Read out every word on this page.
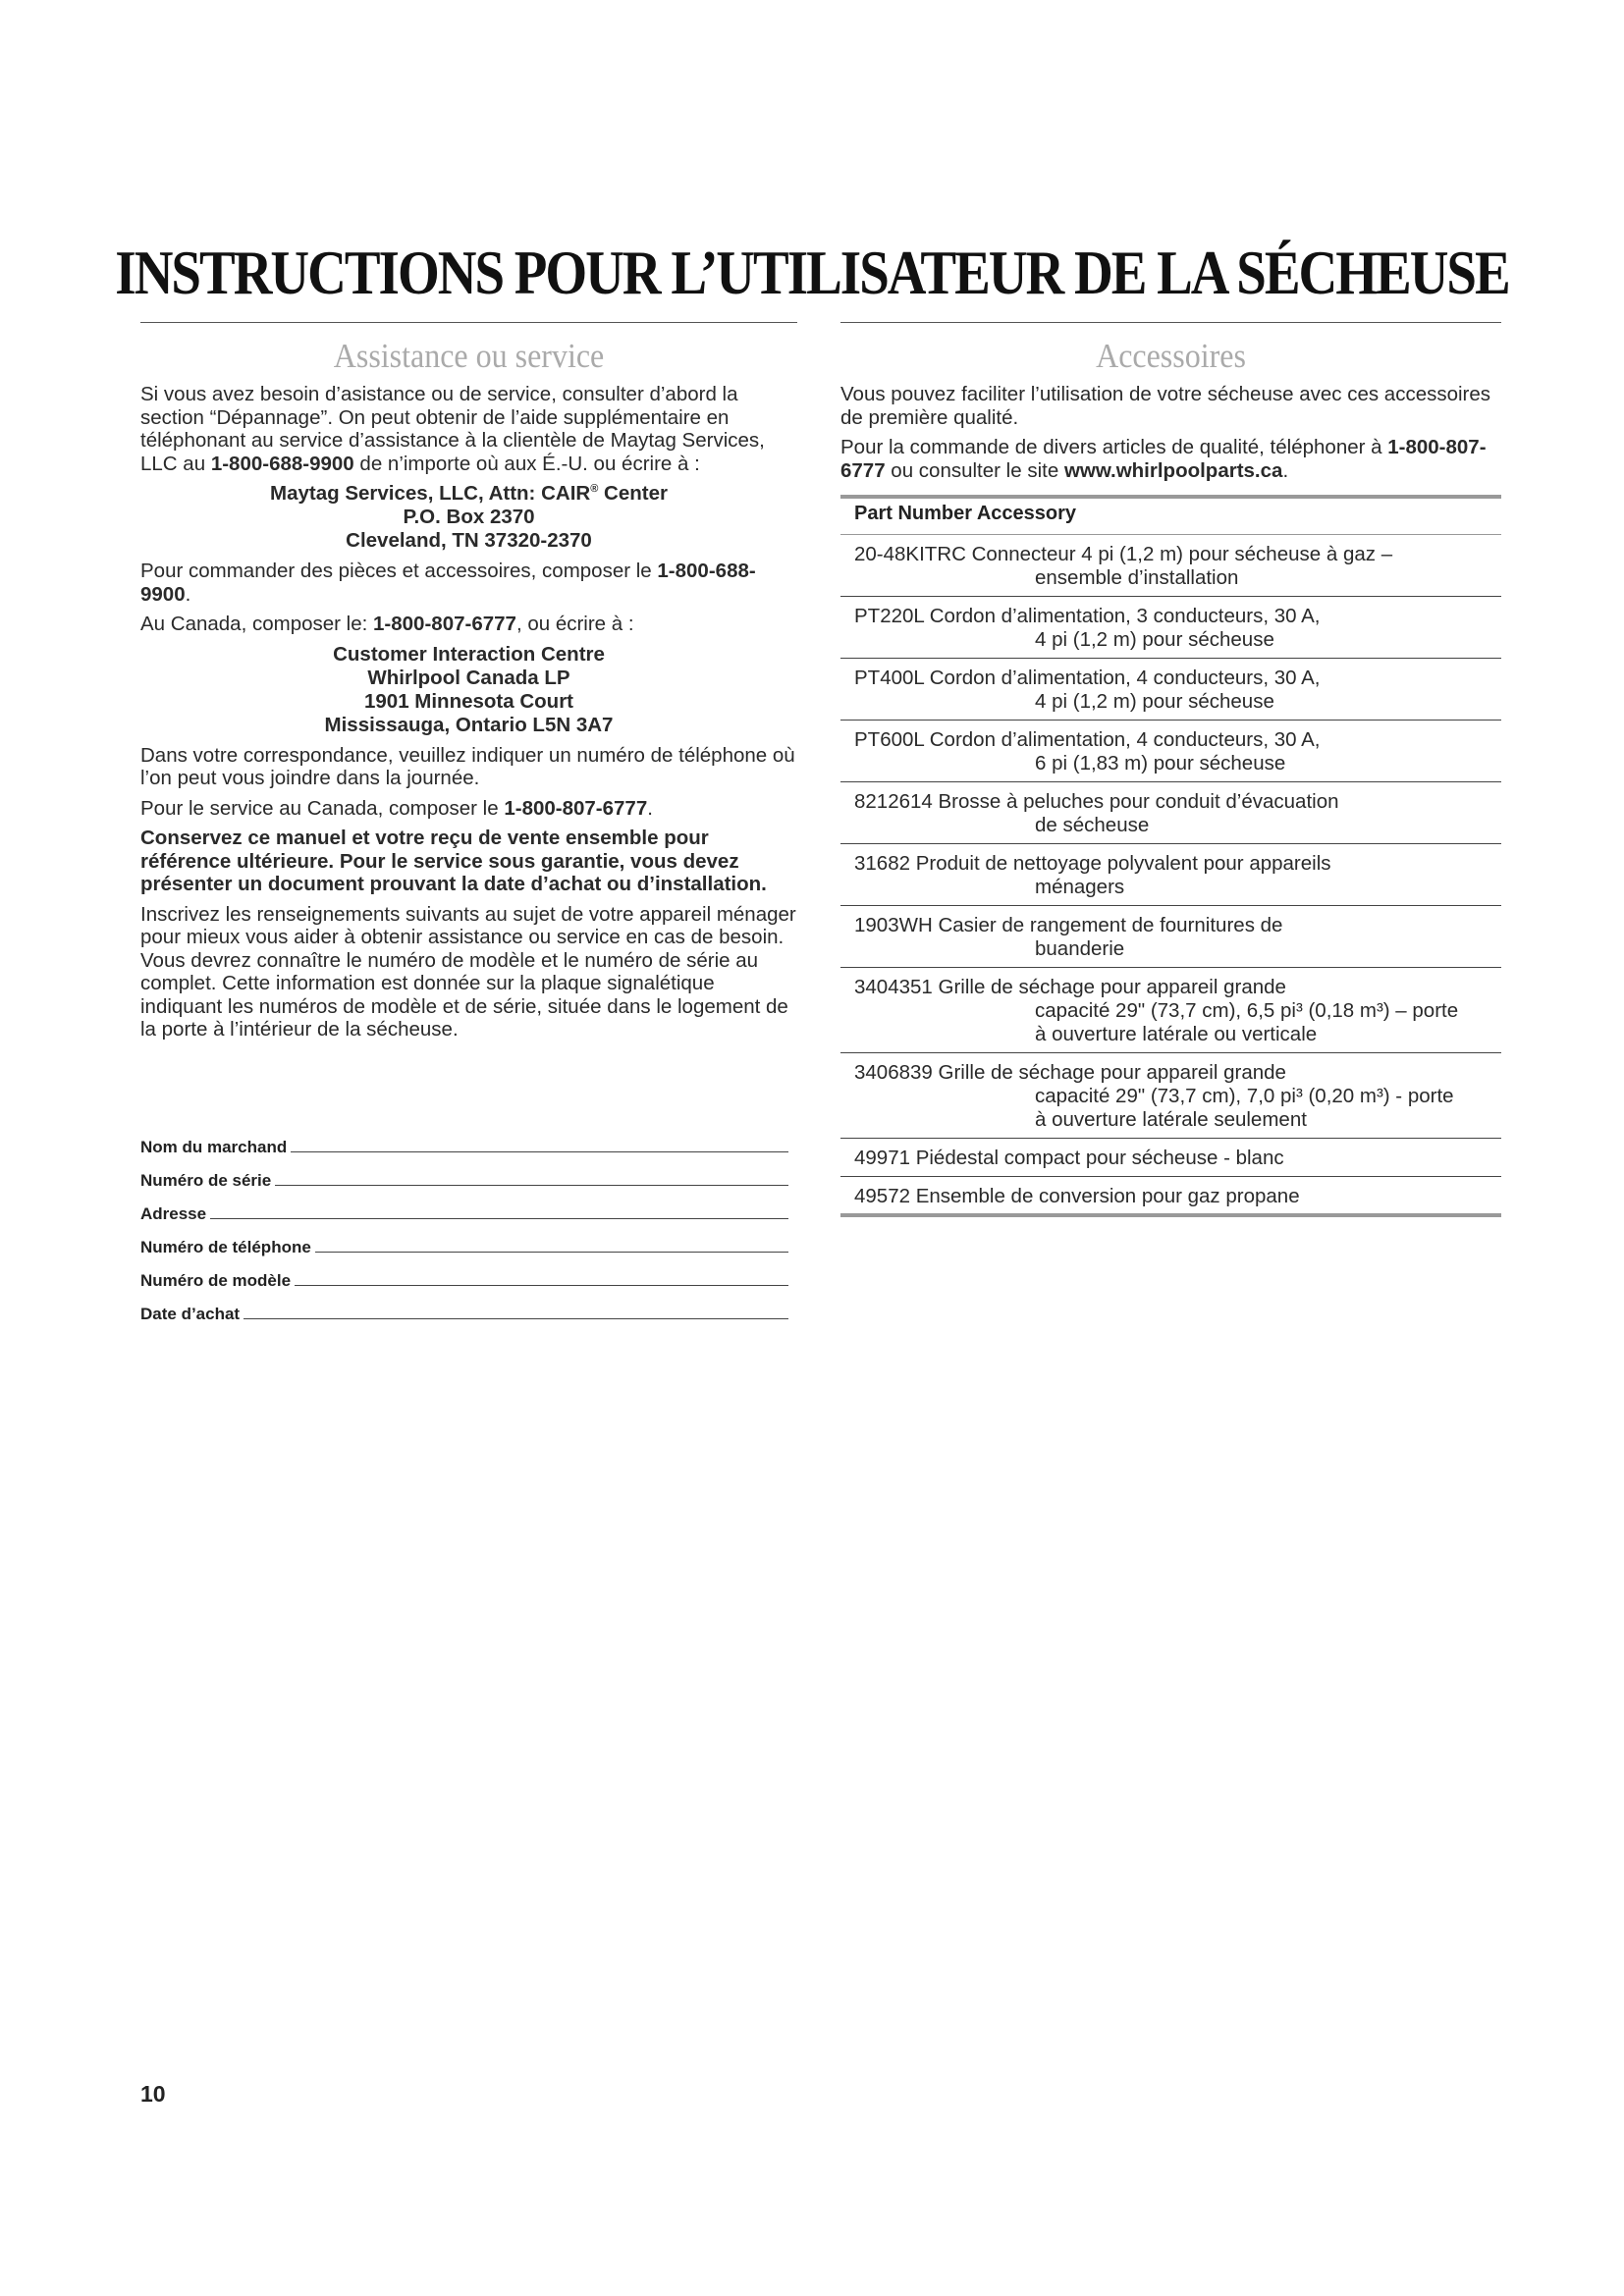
INSTRUCTIONS POUR L’UTILISATEUR DE LA SÉCHEUSE
Assistance ou service

Si vous avez besoin d’asistance ou de service, consulter d’abord la section “Dépannage”. On peut obtenir de l’aide supplémentaire en téléphonant au service d’assistance à la clientèle de Maytag Services, LLC au 1-800-688-9900 de n’importe où aux É.-U. ou écrire à :

Maytag Services, LLC, Attn: CAIR® Center
P.O. Box 2370
Cleveland, TN 37320-2370

Pour commander des pièces et accessoires, composer le 1-800-688-9900.

Au Canada, composer le: 1-800-807-6777, ou écrire à :

Customer Interaction Centre
Whirlpool Canada LP
1901 Minnesota Court
Mississauga, Ontario L5N 3A7

Dans votre correspondance, veuillez indiquer un numéro de téléphone où l’on peut vous joindre dans la journée.

Pour le service au Canada, composer le 1-800-807-6777.

Conservez ce manuel et votre reçu de vente ensemble pour référence ultérieure. Pour le service sous garantie, vous devez présenter un document prouvant la date d’achat ou d’installation.

Inscrivez les renseignements suivants au sujet de votre appareil ménager pour mieux vous aider à obtenir assistance ou service en cas de besoin. Vous devrez connaître le numéro de modèle et le numéro de série au complet. Cette information est donnée sur la plaque signalétique indiquant les numéros de modèle et de série, située dans le logement de la porte à l’intérieur de la sécheuse.

Nom du marchand
Numéro de série
Adresse
Numéro de téléphone
Numéro de modèle
Date d’achat
Accessoires

Vous pouvez faciliter l’utilisation de votre sécheuse avec ces accessoires de première qualité.

Pour la commande de divers articles de qualité, téléphoner à 1-800-807-6777 ou consulter le site www.whirlpoolparts.ca.

Part Number Accessory
20-48KITRC Connecteur 4 pi (1,2 m) pour sécheuse à gaz –
ensemble d’installation
PT220L Cordon d’alimentation, 3 conducteurs, 30 A,
4 pi (1,2 m) pour sécheuse
PT400L Cordon d’alimentation, 4 conducteurs, 30 A,
4 pi (1,2 m) pour sécheuse
PT600L Cordon d’alimentation, 4 conducteurs, 30 A,
6 pi (1,83 m) pour sécheuse
8212614 Brosse à peluches pour conduit d’évacuation
de sécheuse
31682 Produit de nettoyage polyvalent pour appareils
ménagers
1903WH Casier de rangement de fournitures de
buanderie
3404351 Grille de séchage pour appareil grande
capacité 29" (73,7 cm), 6,5 pi³ (0,18 m³) – porte
à ouverture latérale ou verticale
3406839 Grille de séchage pour appareil grande
capacité 29" (73,7 cm), 7,0 pi³ (0,20 m³) - porte
à ouverture latérale seulement
49971 Piédestal compact pour sécheuse - blanc
49572 Ensemble de conversion pour gaz propane
10
